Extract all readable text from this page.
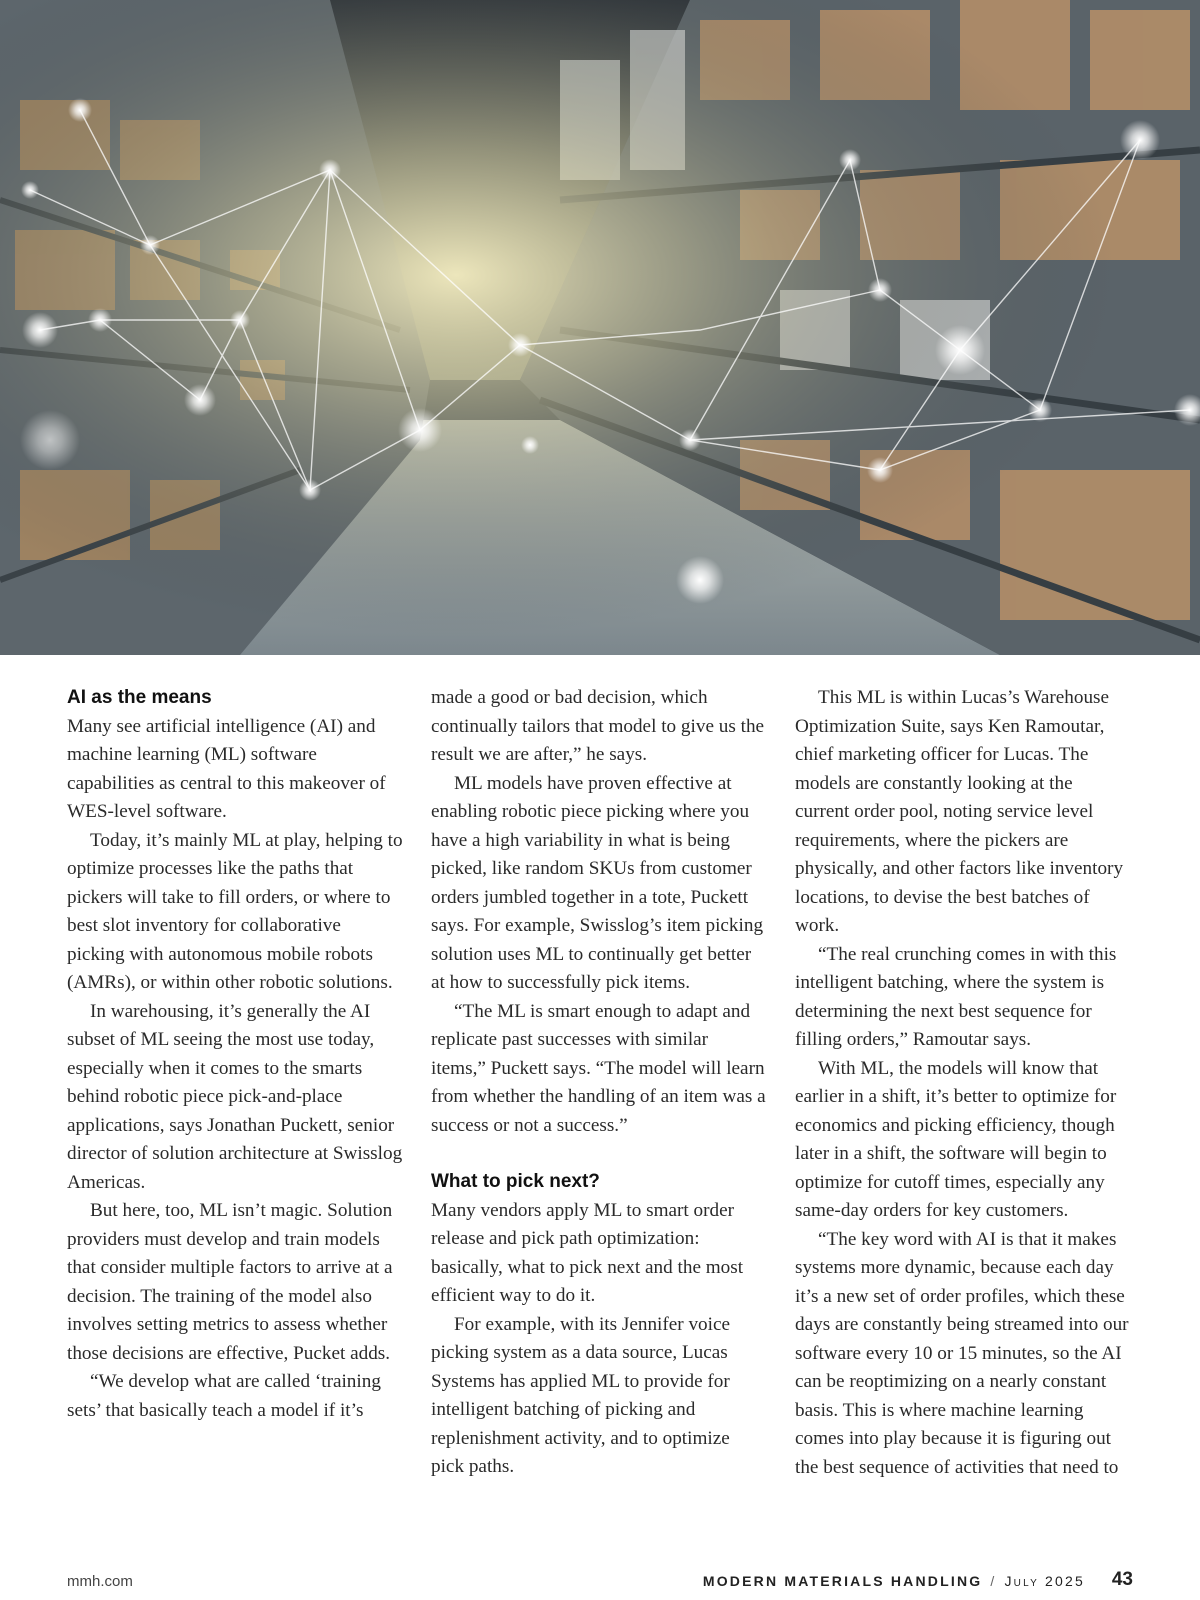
AI as the means

Many see artificial intelligence (AI) and machine learning (ML) software capabilities as central to this makeover of WES-level software.

Today, it’s mainly ML at play, helping to optimize processes like the paths that pickers will take to fill orders, or where to best slot inventory for collaborative picking with autonomous mobile robots (AMRs), or within other robotic solutions.

In warehousing, it’s generally the AI subset of ML seeing the most use today, especially when it comes to the smarts behind robotic piece pick-and-place applications, says Jonathan Puckett, senior director of solution architecture at Swisslog Americas.

But here, too, ML isn’t magic. Solution providers must develop and train models that consider multiple factors to arrive at a decision. The training of the model also involves setting metrics to assess whether those decisions are effective, Pucket adds.

“We develop what are called ‘training sets’ that basically teach a model if it’s

made a good or bad decision, which continually tailors that model to give us the result we are after,” he says.

ML models have proven effective at enabling robotic piece picking where you have a high variability in what is being picked, like random SKUs from customer orders jumbled together in a tote, Puckett says. For example, Swisslog’s item picking solution uses ML to continually get better at how to successfully pick items.

“The ML is smart enough to adapt and replicate past successes with similar items,” Puckett says. “The model will learn from whether the handling of an item was a success or not a success.”

What to pick next?

Many vendors apply ML to smart order release and pick path optimization: basically, what to pick next and the most efficient way to do it.

For example, with its Jennifer voice picking system as a data source, Lucas Systems has applied ML to provide for intelligent batching of picking and replenishment activity, and to optimize pick paths.

This ML is within Lucas’s Warehouse Optimization Suite, says Ken Ramoutar, chief marketing officer for Lucas. The models are constantly looking at the current order pool, noting service level requirements, where the pickers are physically, and other factors like inventory locations, to devise the best batches of work.

“The real crunching comes in with this intelligent batching, where the system is determining the next best sequence for filling orders,” Ramoutar says.

With ML, the models will know that earlier in a shift, it’s better to optimize for economics and picking efficiency, though later in a shift, the software will begin to optimize for cutoff times, especially any same-day orders for key customers.

“The key word with AI is that it makes systems more dynamic, because each day it’s a new set of order profiles, which these days are constantly being streamed into our software every 10 or 15 minutes, so the AI can be reoptimizing on a nearly constant basis. This is where machine learning comes into play because it is figuring out the best sequence of activities that need to

mmh.com	MODERN MATERIALS HANDLING / July 2025 43
